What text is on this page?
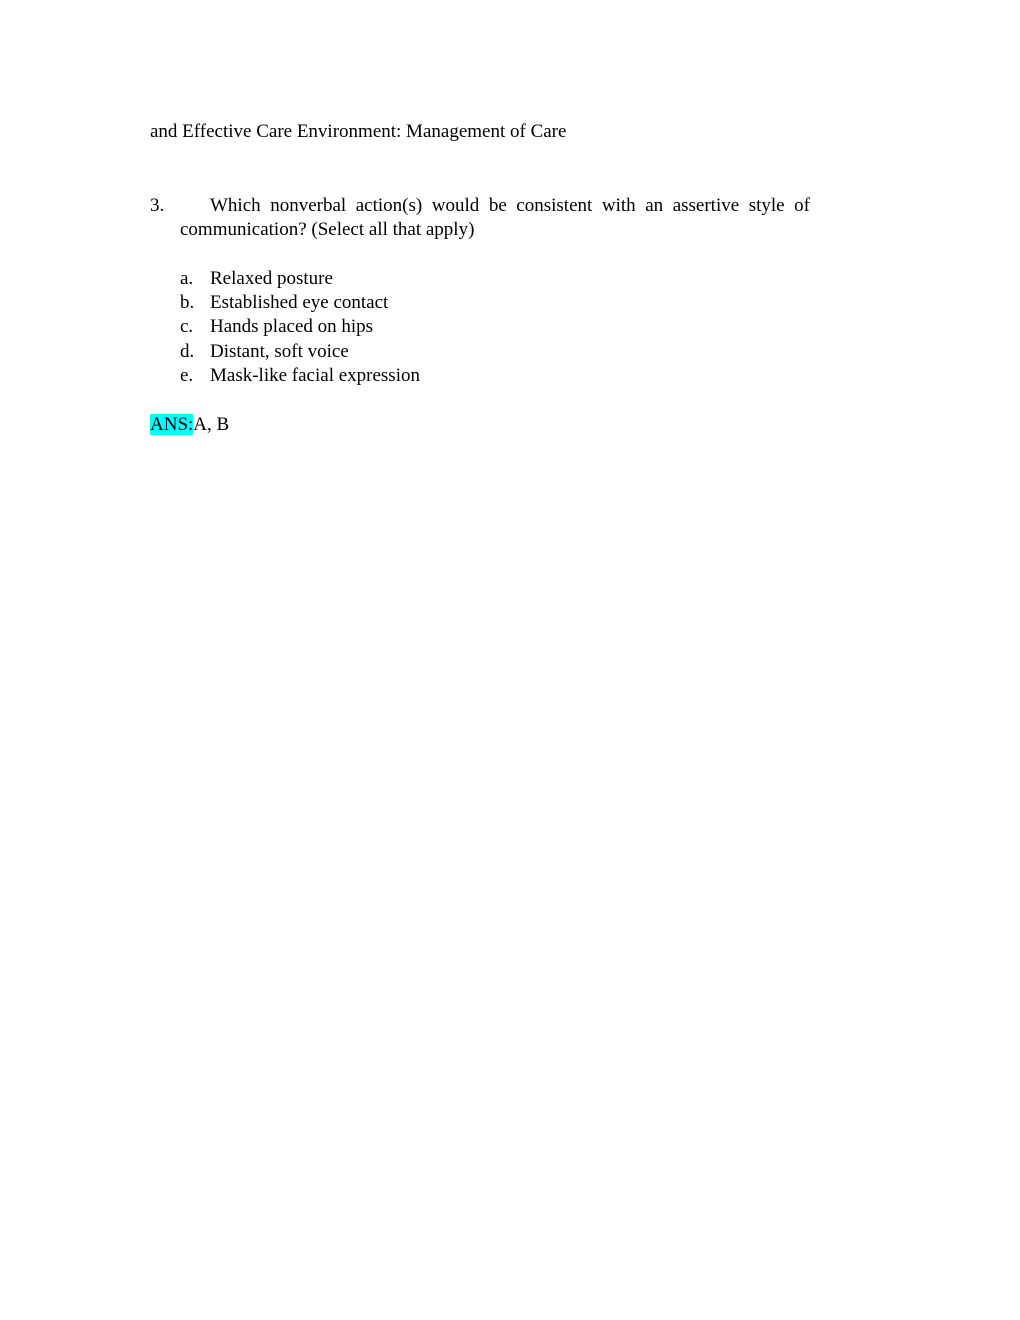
and Effective Care Environment: Management of Care
3.	Which nonverbal action(s) would be consistent with an assertive style of
communication? (Select all that apply)
a. Relaxed posture
b. Established eye contact
c. Hands placed on hips
d. Distant, soft voice
e. Mask-like facial expression
ANS:A, B
